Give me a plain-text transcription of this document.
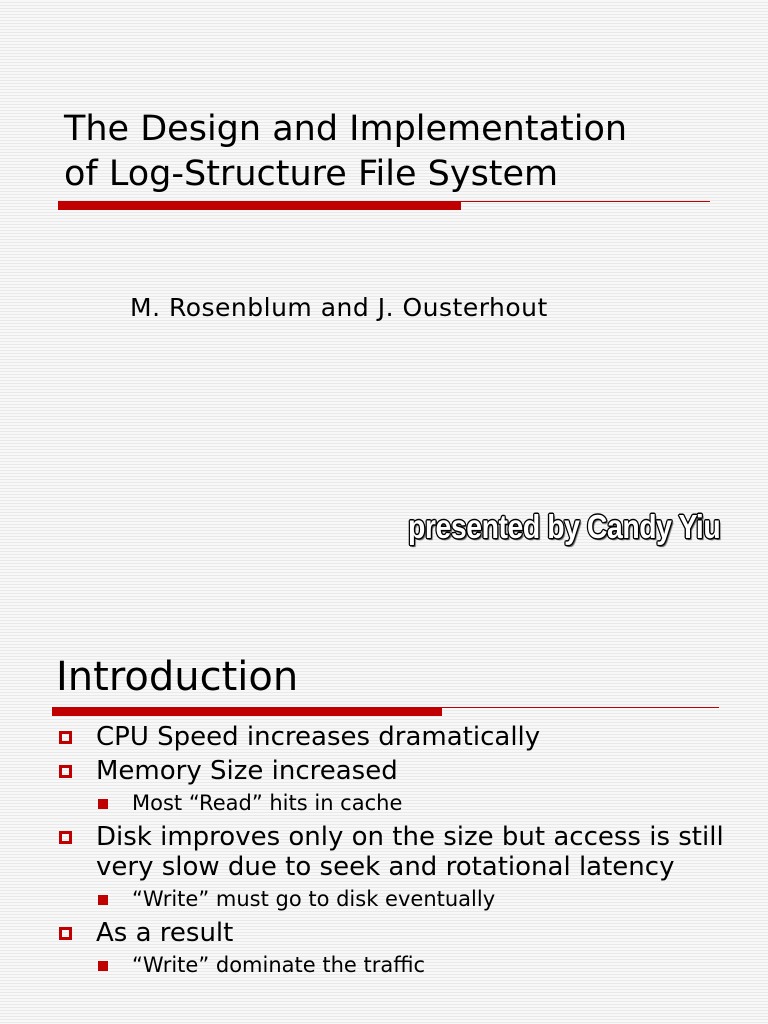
The Design and Implementation
of Log-Structure File System
M. Rosenblum and J. Ousterhout
presented by Candy Yiu
Introduction
CPU Speed increases dramatically
Memory Size increased
Most “Read” hits in cache
Disk improves only on the size but access is still very slow due to seek and rotational latency
“Write” must go to disk eventually
As a result
“Write” dominate the traffic
